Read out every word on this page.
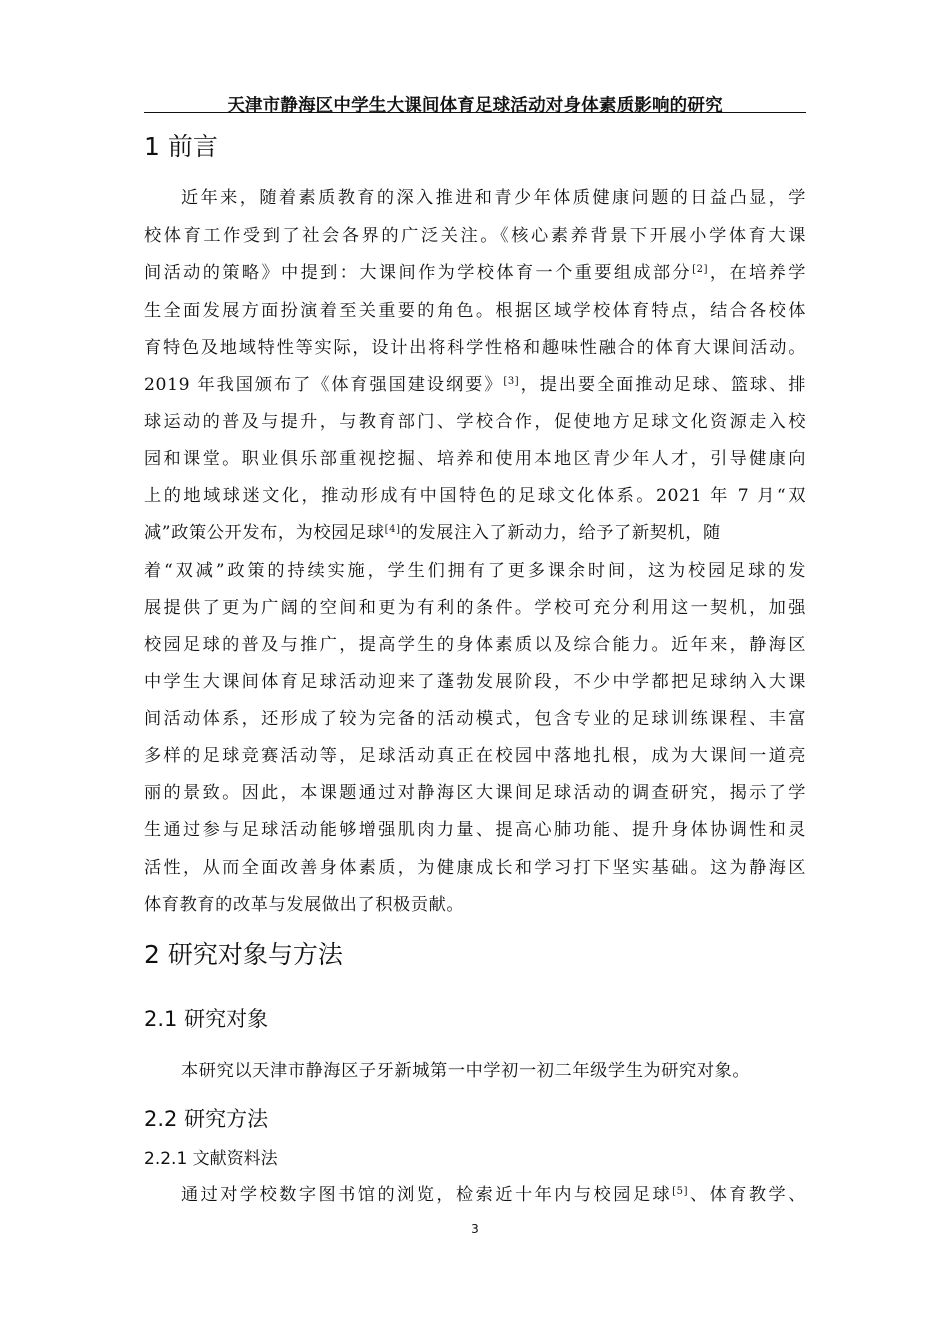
天津市静海区中学生大课间体育足球活动对身体素质影响的研究
1 前言
近年来，随着素质教育的深入推进和青少年体质健康问题的日益凸显，学
校体育工作受到了社会各界的广泛关注。《核心素养背景下开展小学体育大课
间活动的策略》中提到：大课间作为学校体育一个重要组成部分[2]，在培养学
生全面发展方面扮演着至关重要的角色。根据区域学校体育特点，结合各校体
育特色及地域特性等实际，设计出将科学性格和趣味性融合的体育大课间活动。
2019 年我国颁布了《体育强国建设纲要》[3]，提出要全面推动足球、篮球、排
球运动的普及与提升，与教育部门、学校合作，促使地方足球文化资源走入校
园和课堂。职业俱乐部重视挖掘、培养和使用本地区青少年人才，引导健康向
上的地域球迷文化，推动形成有中国特色的足球文化体系。2021 年 7 月“双
减”政策公开发布，为校园足球[4]的发展注入了新动力，给予了新契机，随
着“双减”政策的持续实施，学生们拥有了更多课余时间，这为校园足球的发
展提供了更为广阔的空间和更为有利的条件。学校可充分利用这一契机，加强
校园足球的普及与推广，提高学生的身体素质以及综合能力。近年来，静海区
中学生大课间体育足球活动迎来了蓬勃发展阶段，不少中学都把足球纳入大课
间活动体系，还形成了较为完备的活动模式，包含专业的足球训练课程、丰富
多样的足球竞赛活动等，足球活动真正在校园中落地扎根，成为大课间一道亮
丽的景致。因此，本课题通过对静海区大课间足球活动的调查研究，揭示了学
生通过参与足球活动能够增强肌肉力量、提高心肺功能、提升身体协调性和灵
活性，从而全面改善身体素质，为健康成长和学习打下坚实基础。这为静海区
体育教育的改革与发展做出了积极贡献。
2 研究对象与方法
2.1 研究对象
本研究以天津市静海区子牙新城第一中学初一初二年级学生为研究对象。
2.2 研究方法
2.2.1 文献资料法
通过对学校数字图书馆的浏览，检索近十年内与校园足球[5]、体育教学、
3
